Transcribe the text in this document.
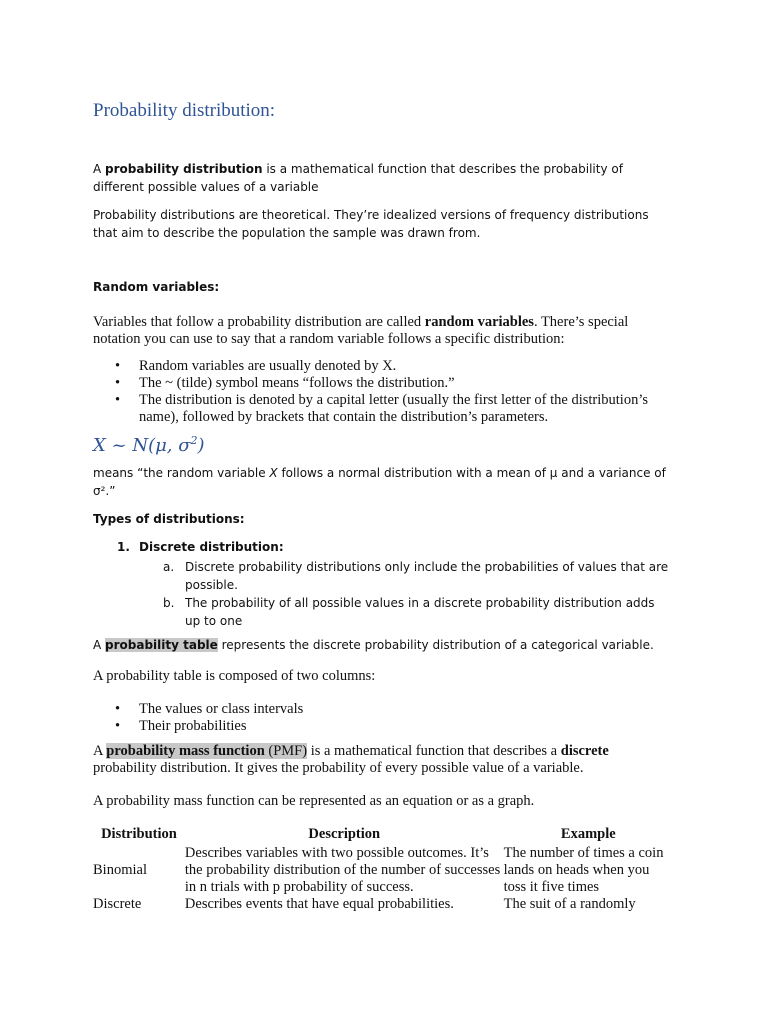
Probability distribution:

A probability distribution is a mathematical function that describes the probability of different possible values of a variable

Probability distributions are theoretical. They’re idealized versions of frequency distributions that aim to describe the population the sample was drawn from.

Random variables:

Variables that follow a probability distribution are called random variables. There’s special notation you can use to say that a random variable follows a specific distribution:

• Random variables are usually denoted by X.
• The ~ (tilde) symbol means “follows the distribution.”
• The distribution is denoted by a capital letter (usually the first letter of the distribution’s name), followed by brackets that contain the distribution’s parameters.
X ~ N(μ, $\sigma^2$)

means “the random variable X follows a normal distribution with a mean of μ and a variance of σ².”

Types of distributions:

1. Discrete distribution:
a. Discrete probability distributions only include the probabilities of values that are possible.
b. The probability of all possible values in a discrete probability distribution adds up to one

A probability table represents the discrete probability distribution of a categorical variable.

A probability table is composed of two columns:

• The values or class intervals
• Their probabilities

A probability mass function (PMF) is a mathematical function that describes a discrete probability distribution. It gives the probability of every possible value of a variable.

A probability mass function can be represented as an equation or as a graph.

Distribution	Description	Example
Binomial	Describes variables with two possible outcomes. It’s the probability distribution of the number of successes in n trials with p probability of success.	The number of times a coin lands on heads when you toss it five times
Discrete	Describes events that have equal probabilities.	The suit of a randomly
